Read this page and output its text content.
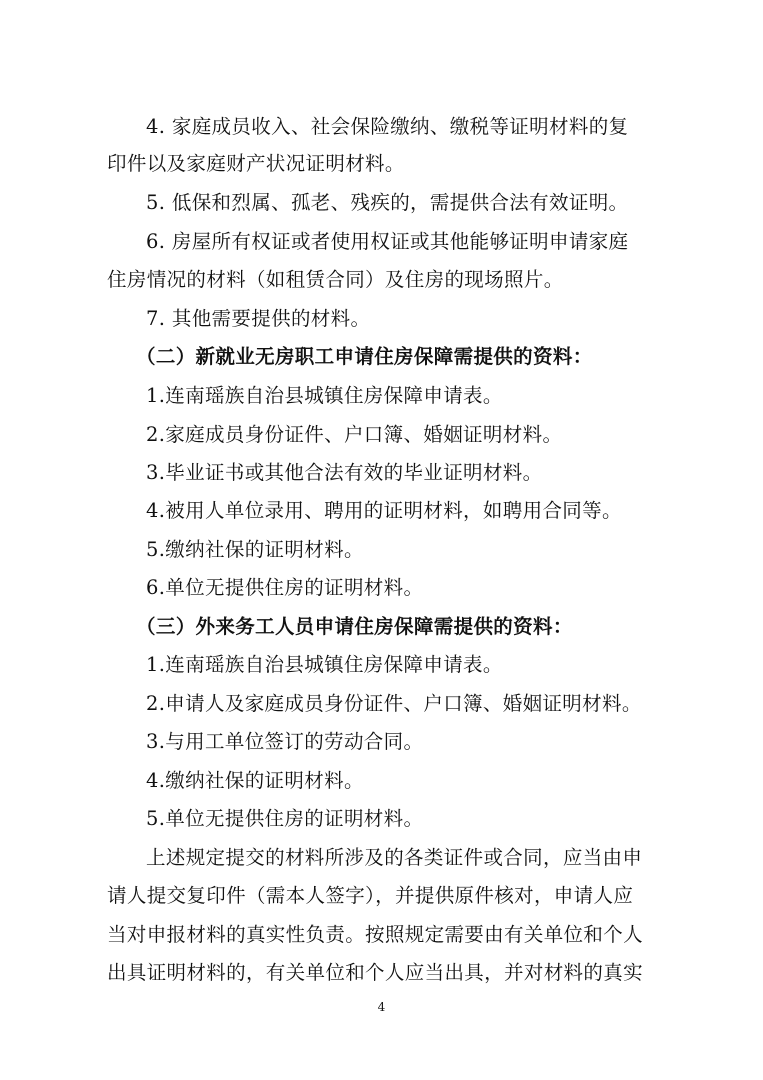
4. 家庭成员收入、社会保险缴纳、缴税等证明材料的复
印件以及家庭财产状况证明材料。
5. 低保和烈属、孤老、残疾的，需提供合法有效证明。
6. 房屋所有权证或者使用权证或其他能够证明申请家庭
住房情况的材料（如租赁合同）及住房的现场照片。
7. 其他需要提供的材料。
（二）新就业无房职工申请住房保障需提供的资料：
1.连南瑶族自治县城镇住房保障申请表。
2.家庭成员身份证件、户口簿、婚姻证明材料。
3.毕业证书或其他合法有效的毕业证明材料。
4.被用人单位录用、聘用的证明材料，如聘用合同等。
5.缴纳社保的证明材料。
6.单位无提供住房的证明材料。
（三）外来务工人员申请住房保障需提供的资料：
1.连南瑶族自治县城镇住房保障申请表。
2.申请人及家庭成员身份证件、户口簿、婚姻证明材料。
3.与用工单位签订的劳动合同。
4.缴纳社保的证明材料。
5.单位无提供住房的证明材料。
上述规定提交的材料所涉及的各类证件或合同，应当由申
请人提交复印件（需本人签字），并提供原件核对，申请人应
当对申报材料的真实性负责。按照规定需要由有关单位和个人
出具证明材料的，有关单位和个人应当出具，并对材料的真实
4
